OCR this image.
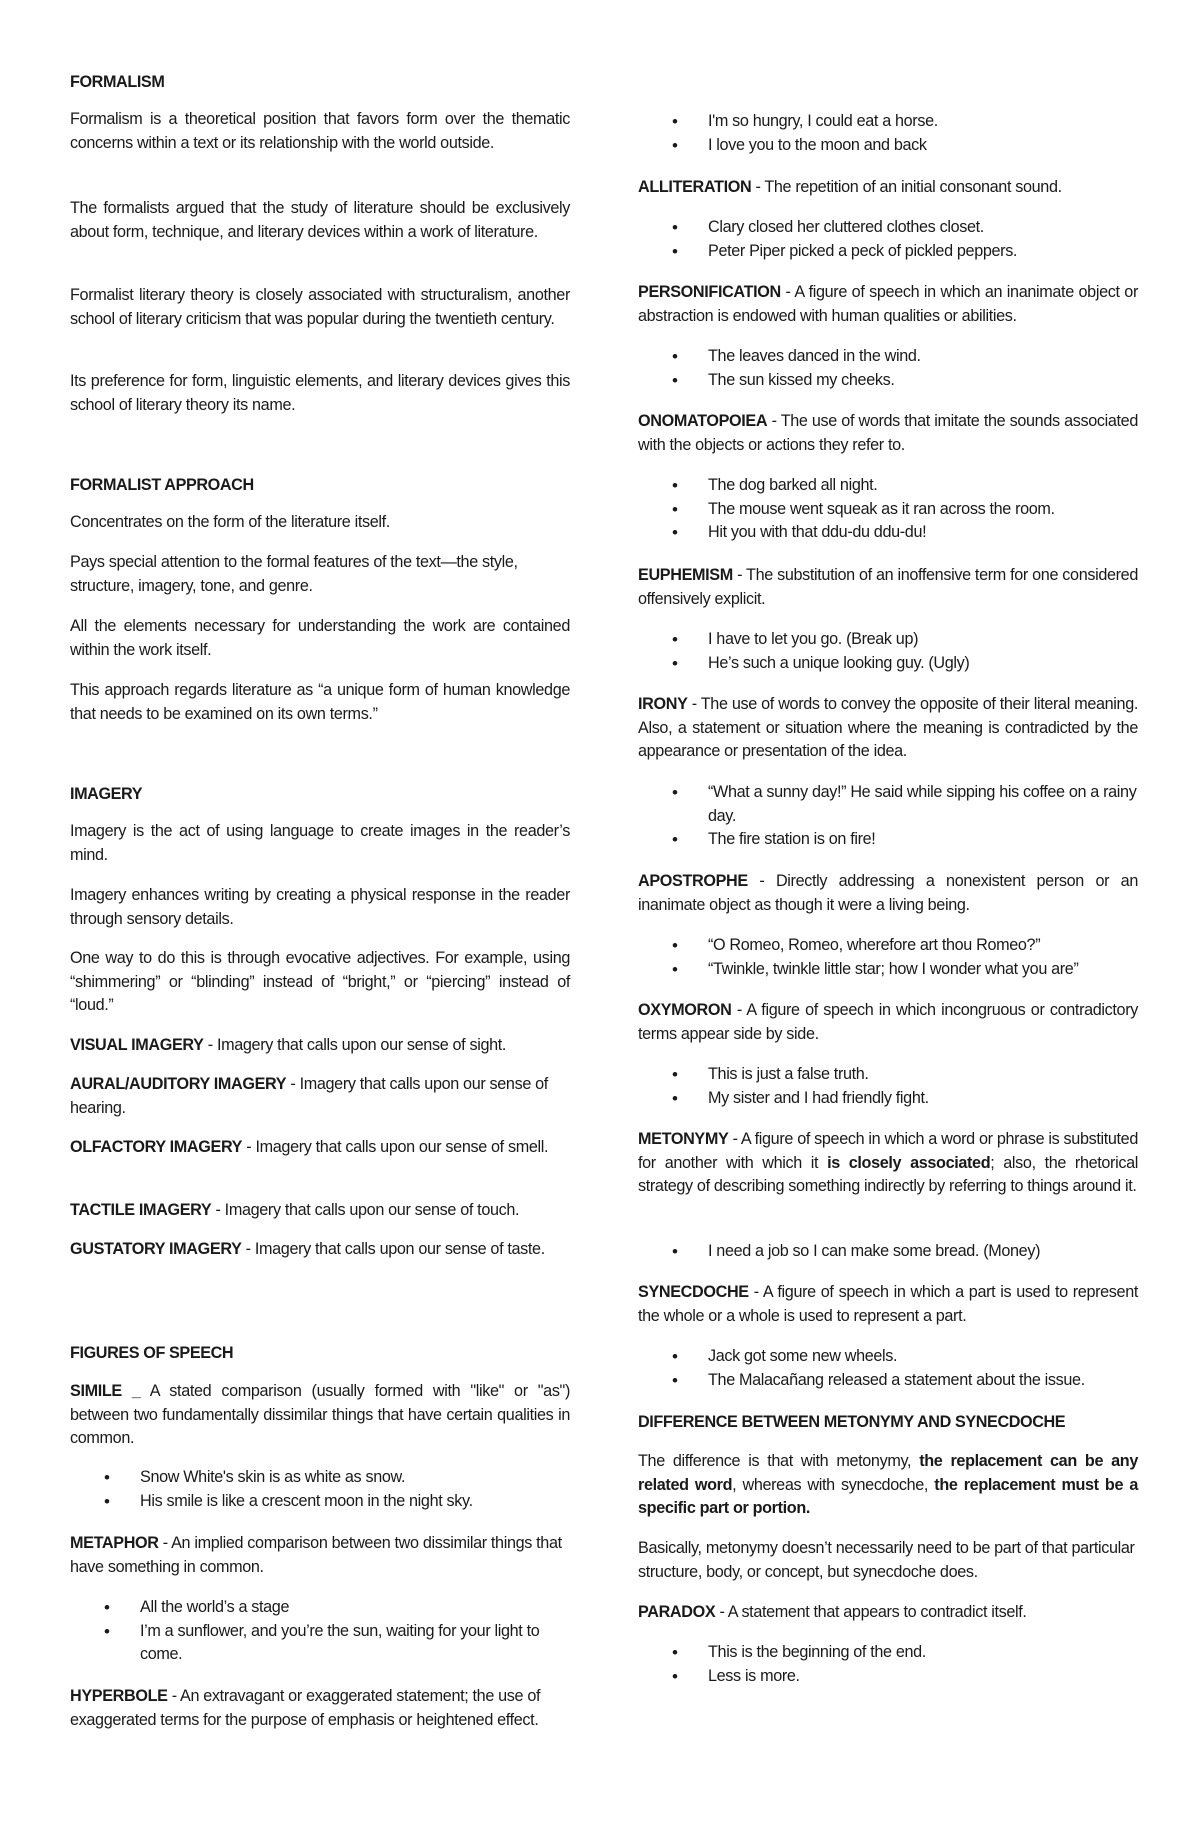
FORMALISM

Formalism is a theoretical position that favors form over the thematic concerns within a text or its relationship with the world outside.

The formalists argued that the study of literature should be exclusively about form, technique, and literary devices within a work of literature.

Formalist literary theory is closely associated with structuralism, another school of literary criticism that was popular during the twentieth century.

Its preference for form, linguistic elements, and literary devices gives this school of literary theory its name.

FORMALIST APPROACH

Concentrates on the form of the literature itself.

Pays special attention to the formal features of the text—the style, structure, imagery, tone, and genre.

All the elements necessary for understanding the work are contained within the work itself.

This approach regards literature as “a unique form of human knowledge that needs to be examined on its own terms.”

IMAGERY

Imagery is the act of using language to create images in the reader’s mind.

Imagery enhances writing by creating a physical response in the reader through sensory details.

One way to do this is through evocative adjectives. For example, using “shimmering” or “blinding” instead of “bright,” or “piercing” instead of “loud.”

VISUAL IMAGERY - Imagery that calls upon our sense of sight.

AURAL/AUDITORY IMAGERY - Imagery that calls upon our sense of hearing.

OLFACTORY IMAGERY - Imagery that calls upon our sense of smell.

TACTILE IMAGERY - Imagery that calls upon our sense of touch.

GUSTATORY IMAGERY - Imagery that calls upon our sense of taste.

FIGURES OF SPEECH

SIMILE _ A stated comparison (usually formed with "like" or "as") between two fundamentally dissimilar things that have certain qualities in common.

• Snow White's skin is as white as snow.
• His smile is like a crescent moon in the night sky.

METAPHOR - An implied comparison between two dissimilar things that have something in common.

• All the world’s a stage
• I’m a sunflower, and you’re the sun, waiting for your light to come.

HYPERBOLE - An extravagant or exaggerated statement; the use of exaggerated terms for the purpose of emphasis or heightened effect.

• I'm so hungry, I could eat a horse.
• I love you to the moon and back

ALLITERATION - The repetition of an initial consonant sound.

• Clary closed her cluttered clothes closet.
• Peter Piper picked a peck of pickled peppers.

PERSONIFICATION - A figure of speech in which an inanimate object or abstraction is endowed with human qualities or abilities.

• The leaves danced in the wind.
• The sun kissed my cheeks.

ONOMATOPOIEA - The use of words that imitate the sounds associated with the objects or actions they refer to.

• The dog barked all night.
• The mouse went squeak as it ran across the room.
• Hit you with that ddu-du ddu-du!

EUPHEMISM - The substitution of an inoffensive term for one considered offensively explicit.

• I have to let you go. (Break up)
• He’s such a unique looking guy. (Ugly)

IRONY - The use of words to convey the opposite of their literal meaning. Also, a statement or situation where the meaning is contradicted by the appearance or presentation of the idea.

• “What a sunny day!” He said while sipping his coffee on a rainy day.
• The fire station is on fire!

APOSTROPHE - Directly addressing a nonexistent person or an inanimate object as though it were a living being.

• “O Romeo, Romeo, wherefore art thou Romeo?”
• “Twinkle, twinkle little star; how I wonder what you are”

OXYMORON - A figure of speech in which incongruous or contradictory terms appear side by side.

• This is just a false truth.
• My sister and I had friendly fight.

METONYMY - A figure of speech in which a word or phrase is substituted for another with which it is closely associated; also, the rhetorical strategy of describing something indirectly by referring to things around it.

• I need a job so I can make some bread. (Money)

SYNECDOCHE - A figure of speech in which a part is used to represent the whole or a whole is used to represent a part.

• Jack got some new wheels.
• The Malacañang released a statement about the issue.
DIFFERENCE BETWEEN METONYMY AND SYNECDOCHE

The difference is that with metonymy, the replacement can be any related word, whereas with synecdoche, the replacement must be a specific part or portion.

Basically, metonymy doesn’t necessarily need to be part of that particular structure, body, or concept, but synecdoche does.

PARADOX - A statement that appears to contradict itself.

• This is the beginning of the end.
• Less is more.
